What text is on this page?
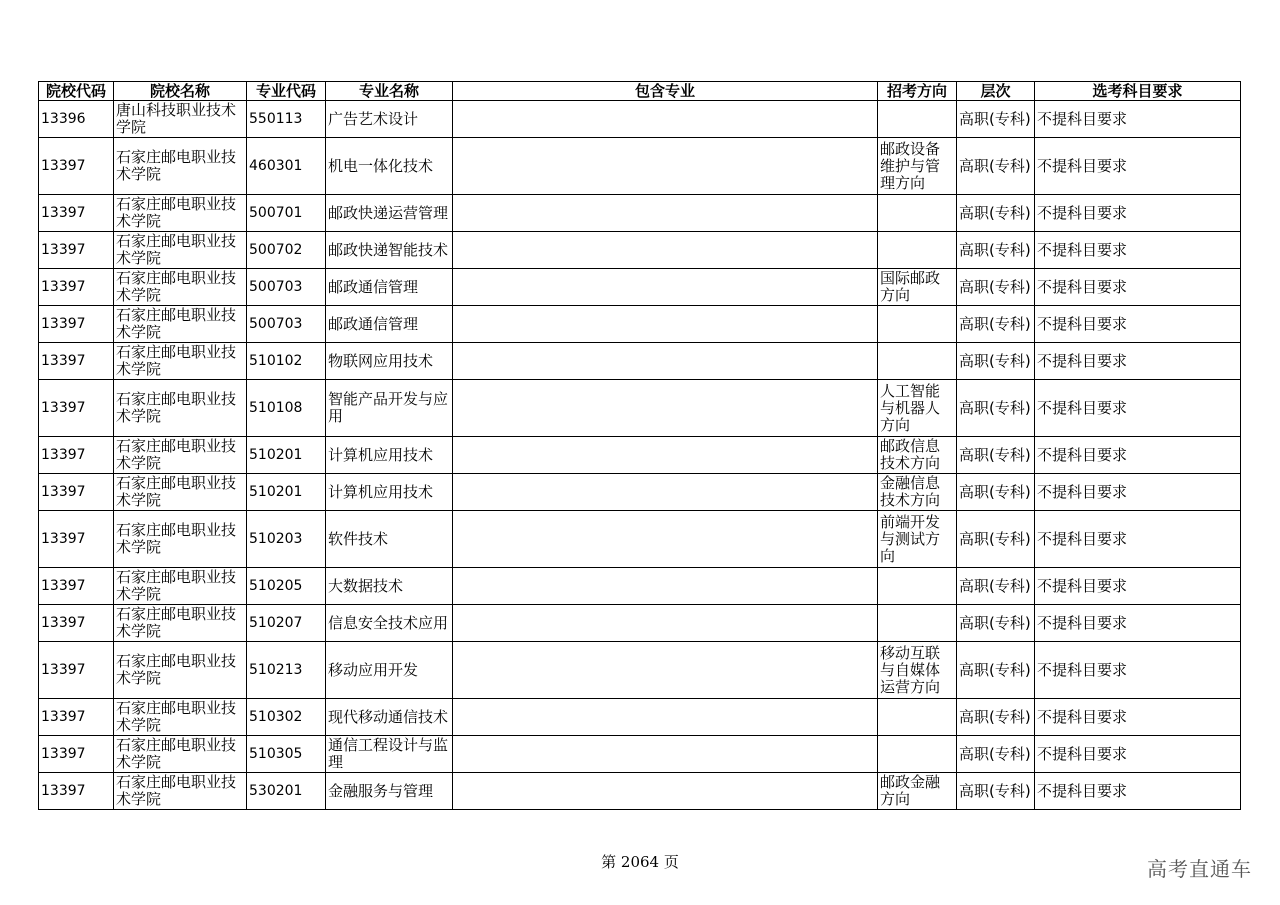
院校代码	院校名称	专业代码	专业名称	包含专业	招考方向	层次	选考科目要求
13396	唐山科技职业技术学院	550113	广告艺术设计			高职(专科)	不提科目要求
13397	石家庄邮电职业技术学院	460301	机电一体化技术		邮政设备维护与管理方向	高职(专科)	不提科目要求
13397	石家庄邮电职业技术学院	500701	邮政快递运营管理			高职(专科)	不提科目要求
13397	石家庄邮电职业技术学院	500702	邮政快递智能技术			高职(专科)	不提科目要求
13397	石家庄邮电职业技术学院	500703	邮政通信管理		国际邮政方向	高职(专科)	不提科目要求
13397	石家庄邮电职业技术学院	500703	邮政通信管理			高职(专科)	不提科目要求
13397	石家庄邮电职业技术学院	510102	物联网应用技术			高职(专科)	不提科目要求
13397	石家庄邮电职业技术学院	510108	智能产品开发与应用		人工智能与机器人方向	高职(专科)	不提科目要求
13397	石家庄邮电职业技术学院	510201	计算机应用技术		邮政信息技术方向	高职(专科)	不提科目要求
13397	石家庄邮电职业技术学院	510201	计算机应用技术		金融信息技术方向	高职(专科)	不提科目要求
13397	石家庄邮电职业技术学院	510203	软件技术		前端开发与测试方向	高职(专科)	不提科目要求
13397	石家庄邮电职业技术学院	510205	大数据技术			高职(专科)	不提科目要求
13397	石家庄邮电职业技术学院	510207	信息安全技术应用			高职(专科)	不提科目要求
13397	石家庄邮电职业技术学院	510213	移动应用开发		移动互联与自媒体运营方向	高职(专科)	不提科目要求
13397	石家庄邮电职业技术学院	510302	现代移动通信技术			高职(专科)	不提科目要求
13397	石家庄邮电职业技术学院	510305	通信工程设计与监理			高职(专科)	不提科目要求
13397	石家庄邮电职业技术学院	530201	金融服务与管理		邮政金融方向	高职(专科)	不提科目要求
第 2064 页	高考直通车
